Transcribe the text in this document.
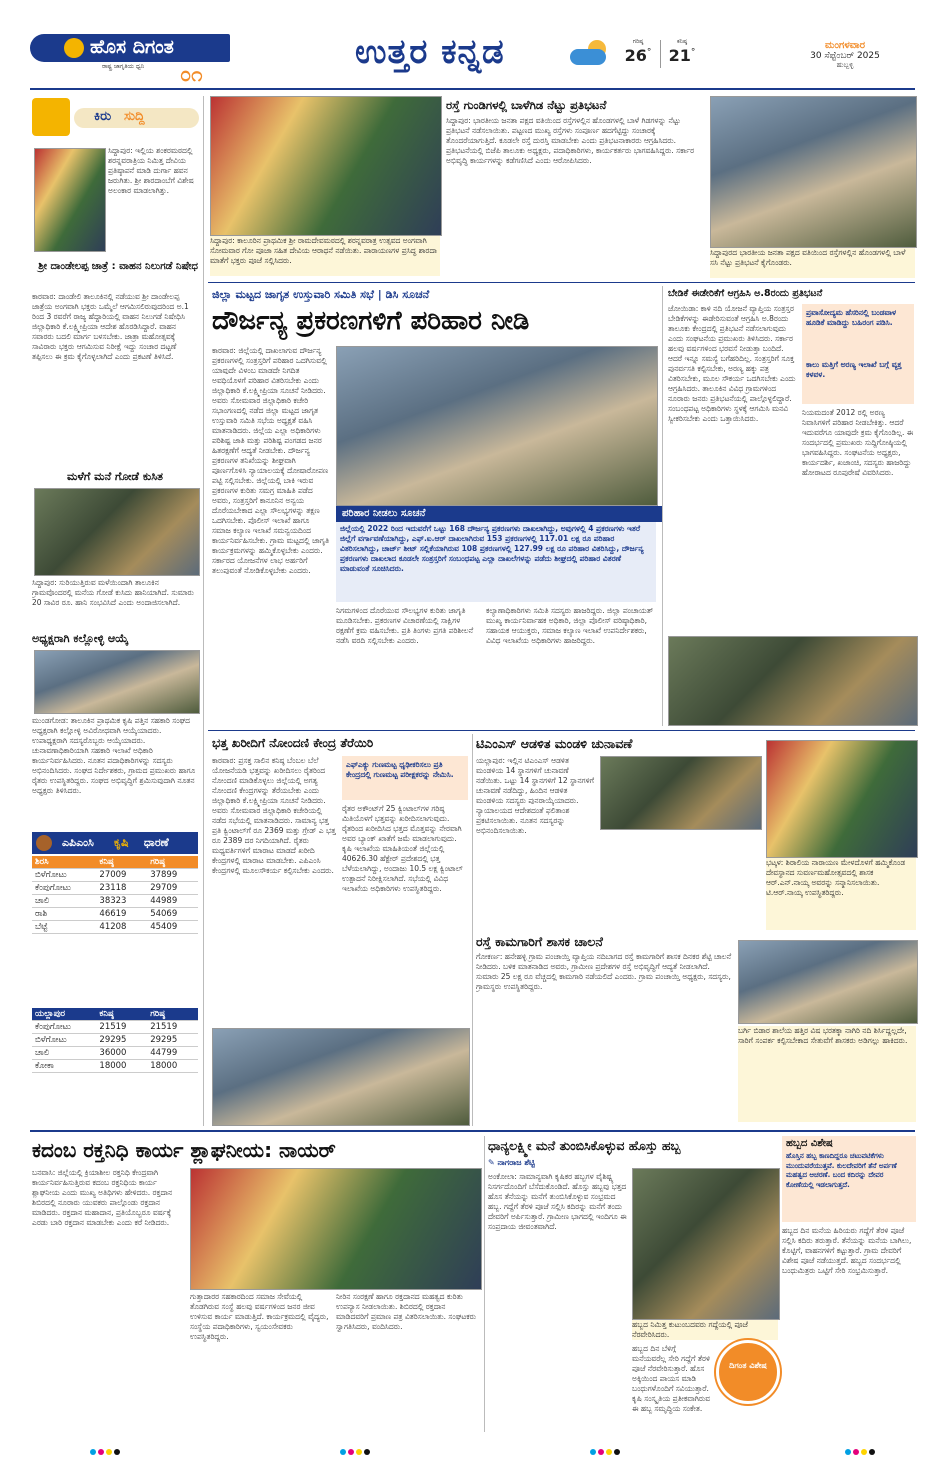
ಹೊಸ ದಿಗಂತ
ರಾಷ್ಟ್ರ ಜಾಗೃತಿಯ ಧ್ವನಿ ೦೧
ಉತ್ತರ ಕನ್ನಡ	ಗರಿಷ್ಠ
26°
ಕನಿಷ್ಠ
21°
ಮಂಗಳವಾರ
30 ಸೆಪ್ಟೆಂಬರ್ 2025
ಹುಬ್ಬಳ್ಳಿ
ಕಿರು ಸುದ್ದಿ
ಸಿದ್ದಾಪುರ: ಇಲ್ಲಿಯ ಶಂಕರಮಠದಲ್ಲಿ ಶರನ್ನವರಾತ್ರಿಯ ನಿಮಿತ್ತ ದೇವಿಯ ಪ್ರತಿಷ್ಠಾಪನೆ ಮಾಡಿ ದುರ್ಗಾ ಹವನ ಜರುಗಿತು. ಶ್ರೀ ಶಾರದಾಂಬೆಗೆ ವಿಶೇಷ ಅಲಂಕಾರ ಮಾಡಲಾಗಿತ್ತು.
ಶ್ರೀ ದಾಂಡೇಲಪ್ಪ ಜಾತ್ರೆ : ವಾಹನ ನಿಲುಗಡೆ ನಿಷೇಧ
ಕಾರವಾರ: ದಾಂಡೇಲಿ ತಾಲೂಕಿನಲ್ಲಿ ನಡೆಯುವ ಶ್ರೀ ದಾಂಡೇಲಪ್ಪ ಜಾತ್ರೆಯ ಅಂಗವಾಗಿ ಭಕ್ತರು ಒಮ್ಮೆಲೆ ಆಗಮಿಸಲಿರುವುದರಿಂದ ಅ.1 ರಿಂದ 3 ರವರೆಗೆ ರಾಜ್ಯ ಹೆದ್ದಾರಿಯಲ್ಲಿ ವಾಹನ ನಿಲುಗಡೆ ನಿಷೇಧಿಸಿ ಜಿಲ್ಲಾಧಿಕಾರಿ ಕೆ.ಲಕ್ಷ್ಮೀಪ್ರಿಯಾ ಆದೇಶ ಹೊರಡಿಸಿದ್ದಾರೆ. ವಾಹನ ಸವಾರರು ಬದಲಿ ಮಾರ್ಗ ಬಳಸಬೇಕು. ಜಾತ್ರಾ ಮಹೋತ್ಸವಕ್ಕೆ ಸಾವಿರಾರು ಭಕ್ತರು ಆಗಮಿಸುವ ನಿರೀಕ್ಷೆ ಇದ್ದು ಸಂಚಾರ ದಟ್ಟಣೆ ತಪ್ಪಿಸಲು ಈ ಕ್ರಮ ಕೈಗೊಳ್ಳಲಾಗಿದೆ ಎಂದು ಪ್ರಕಟಣೆ ತಿಳಿಸಿದೆ.
ಮಳೆಗೆ ಮನೆ ಗೋಡೆ ಕುಸಿತ
ಸಿದ್ದಾಪುರ: ಸುರಿಯುತ್ತಿರುವ ಮಳೆಯಿಂದಾಗಿ ತಾಲೂಕಿನ ಗ್ರಾಮವೊಂದರಲ್ಲಿ ಮನೆಯ ಗೋಡೆ ಕುಸಿದು ಹಾನಿಯಾಗಿದೆ. ಸುಮಾರು 20 ಸಾವಿರ ರೂ. ಹಾನಿ ಸಂಭವಿಸಿದೆ ಎಂದು ಅಂದಾಜಿಸಲಾಗಿದೆ.
ಅಧ್ಯಕ್ಷರಾಗಿ ಕಲ್ಲೋಳ್ಳಿ ಆಯ್ಕೆ
ಮುಂಡಗೋಡ: ತಾಲೂಕಿನ ಪ್ರಾಥಮಿಕ ಕೃಷಿ ಪತ್ತಿನ ಸಹಕಾರಿ ಸಂಘದ ಅಧ್ಯಕ್ಷರಾಗಿ ಕಲ್ಲೋಳ್ಳಿ ಅವಿರೋಧವಾಗಿ ಆಯ್ಕೆಯಾದರು. ಉಪಾಧ್ಯಕ್ಷರಾಗಿ ಸದಸ್ಯರೊಬ್ಬರು ಆಯ್ಕೆಯಾದರು. ಚುನಾವಣಾಧಿಕಾರಿಯಾಗಿ ಸಹಕಾರಿ ಇಲಾಖೆ ಅಧಿಕಾರಿ ಕಾರ್ಯನಿರ್ವಹಿಸಿದರು. ನೂತನ ಪದಾಧಿಕಾರಿಗಳನ್ನು ಸದಸ್ಯರು ಅಭಿನಂದಿಸಿದರು. ಸಂಘದ ನಿರ್ದೇಶಕರು, ಗ್ರಾಮದ ಪ್ರಮುಖರು ಹಾಗೂ ರೈತರು ಉಪಸ್ಥಿತರಿದ್ದರು. ಸಂಘದ ಅಭಿವೃದ್ಧಿಗೆ ಶ್ರಮಿಸುವುದಾಗಿ ನೂತನ ಅಧ್ಯಕ್ಷರು ತಿಳಿಸಿದರು.
ಎಪಿಎಂಸಿ ಕೃಷಿ ಧಾರಣೆ
ಶಿರಸಿ	ಕನಿಷ್ಠ	ಗರಿಷ್ಠ
ಬಿಳೆಗೋಟು	27009	37899
ಕೆಂಪುಗೋಟು	23118	29709
ಚಾಲಿ	38323	44989
ರಾಶಿ	46619	54069
ಬೆಟ್ಟೆ	41208	45409
ಯಲ್ಲಾಪುರ	ಕನಿಷ್ಠ	ಗರಿಷ್ಠ
ಕೆಂಪುಗೋಟು	21519	21519
ಬಿಳೆಗೋಟು	29295	29295
ಚಾಲಿ	36000	44799
ಕೋಕಾ	18000	18000
ಸಿದ್ದಾಪುರ: ಕಾಲೂರಿನ ಪ್ರಾಥಮಿಕ ಶ್ರೀ ರಾಮದೇವಮಠದಲ್ಲಿ ಶರನ್ನವರಾತ್ರ ಉತ್ಸವದ ಅಂಗವಾಗಿ ಸೋಮವಾರ ಗೋ ಪೂಜಾ ಸಹಿತ ದೇವಿಯ ಆರಾಧನೆ ನಡೆಯಿತು. ಪಾರಾಯಣಗಳ ಪ್ರಸಿದ್ಧ ಶಾರದಾ ಮಾತೆಗೆ ಭಕ್ತರು ಪೂಜೆ ಸಲ್ಲಿಸಿದರು.
ರಸ್ತೆ ಗುಂಡಿಗಳಲ್ಲಿ ಬಾಳೆಗಿಡ ನೆಟ್ಟು ಪ್ರತಿಭಟನೆ
ಸಿದ್ದಾಪುರ: ಭಾರತೀಯ ಜನತಾ ಪಕ್ಷದ ವತಿಯಿಂದ ರಸ್ತೆಗಳಲ್ಲಿನ ಹೊಂಡಗಳಲ್ಲಿ ಬಾಳೆ ಗಿಡಗಳನ್ನು ನೆಟ್ಟು ಪ್ರತಿಭಟನೆ ನಡೆಸಲಾಯಿತು. ಪಟ್ಟಣದ ಮುಖ್ಯ ರಸ್ತೆಗಳು ಸಂಪೂರ್ಣ ಹದಗೆಟ್ಟಿದ್ದು ಸಂಚಾರಕ್ಕೆ ತೊಂದರೆಯಾಗುತ್ತಿದೆ. ಕೂಡಲೇ ರಸ್ತೆ ದುರಸ್ತಿ ಮಾಡಬೇಕು ಎಂದು ಪ್ರತಿಭಟನಾಕಾರರು ಆಗ್ರಹಿಸಿದರು. ಪ್ರತಿಭಟನೆಯಲ್ಲಿ ಬಿಜೆಪಿ ತಾಲೂಕು ಅಧ್ಯಕ್ಷರು, ಪದಾಧಿಕಾರಿಗಳು, ಕಾರ್ಯಕರ್ತರು ಭಾಗವಹಿಸಿದ್ದರು. ಸರ್ಕಾರ ಅಭಿವೃದ್ಧಿ ಕಾರ್ಯಗಳನ್ನು ಕಡೆಗಣಿಸಿದೆ ಎಂದು ಆರೋಪಿಸಿದರು.
ಸಿದ್ದಾಪುರದ ಭಾರತೀಯ ಜನತಾ ಪಕ್ಷದ ವತಿಯಿಂದ ರಸ್ತೆಗಳಲ್ಲಿನ ಹೊಂಡಗಳಲ್ಲಿ ಬಾಳೆ ಸಸಿ ನೆಟ್ಟು ಪ್ರತಿಭಟನೆ ಕೈಗೊಂಡರು.
ಜಿಲ್ಲಾ ಮಟ್ಟದ ಜಾಗೃತ ಉಸ್ತುವಾರಿ ಸಮಿತಿ ಸಭೆ | ಡಿಸಿ ಸೂಚನೆ
ದೌರ್ಜನ್ಯ ಪ್ರಕರಣಗಳಿಗೆ ಪರಿಹಾರ ನೀಡಿ
ಕಾರವಾರ: ಜಿಲ್ಲೆಯಲ್ಲಿ ದಾಖಲಾಗುವ ದೌರ್ಜನ್ಯ ಪ್ರಕರಣಗಳಲ್ಲಿ ಸಂತ್ರಸ್ತರಿಗೆ ಪರಿಹಾರ ಒದಗಿಸುವಲ್ಲಿ ಯಾವುದೇ ವಿಳಂಬ ಮಾಡದೇ ನಿಗದಿತ ಅವಧಿಯೊಳಗೆ ಪರಿಹಾರ ವಿತರಿಸಬೇಕು ಎಂದು ಜಿಲ್ಲಾಧಿಕಾರಿ ಕೆ.ಲಕ್ಷ್ಮೀಪ್ರಿಯಾ ಸೂಚನೆ ನೀಡಿದರು. ಅವರು ಸೋಮವಾರ ಜಿಲ್ಲಾಧಿಕಾರಿ ಕಚೇರಿ ಸಭಾಂಗಣದಲ್ಲಿ ನಡೆದ ಜಿಲ್ಲಾ ಮಟ್ಟದ ಜಾಗೃತ ಉಸ್ತುವಾರಿ ಸಮಿತಿ ಸಭೆಯ ಅಧ್ಯಕ್ಷತೆ ವಹಿಸಿ ಮಾತನಾಡಿದರು. ಜಿಲ್ಲೆಯ ಎಲ್ಲಾ ಅಧಿಕಾರಿಗಳು ಪರಿಶಿಷ್ಟ ಜಾತಿ ಮತ್ತು ಪರಿಶಿಷ್ಟ ಪಂಗಡದ ಜನರ ಹಿತರಕ್ಷಣೆಗೆ ಆದ್ಯತೆ ನೀಡಬೇಕು. ದೌರ್ಜನ್ಯ ಪ್ರಕರಣಗಳ ತನಿಖೆಯನ್ನು ಶೀಘ್ರವಾಗಿ ಪೂರ್ಣಗೊಳಿಸಿ ನ್ಯಾಯಾಲಯಕ್ಕೆ ದೋಷಾರೋಪಣ ಪಟ್ಟಿ ಸಲ್ಲಿಸಬೇಕು. ಜಿಲ್ಲೆಯಲ್ಲಿ ಬಾಕಿ ಇರುವ ಪ್ರಕರಣಗಳ ಕುರಿತು ಸಮಗ್ರ ಮಾಹಿತಿ ಪಡೆದ ಅವರು, ಸಂತ್ರಸ್ತರಿಗೆ ಕಾನೂನಿನ ಅನ್ವಯ ದೊರೆಯಬೇಕಾದ ಎಲ್ಲಾ ಸೌಲಭ್ಯಗಳನ್ನು ತಕ್ಷಣ ಒದಗಿಸಬೇಕು. ಪೊಲೀಸ್ ಇಲಾಖೆ ಹಾಗೂ ಸಮಾಜ ಕಲ್ಯಾಣ ಇಲಾಖೆ ಸಮನ್ವಯದಿಂದ ಕಾರ್ಯನಿರ್ವಹಿಸಬೇಕು. ಗ್ರಾಮ ಮಟ್ಟದಲ್ಲಿ ಜಾಗೃತಿ ಕಾರ್ಯಕ್ರಮಗಳನ್ನು ಹಮ್ಮಿಕೊಳ್ಳಬೇಕು ಎಂದರು. ಸರ್ಕಾರದ ಯೋಜನೆಗಳ ಲಾಭ ಅರ್ಹರಿಗೆ ತಲುಪುವಂತೆ ನೋಡಿಕೊಳ್ಳಬೇಕು ಎಂದರು.
ಪರಿಹಾರ ನೀಡಲು ಸೂಚನೆ
ಜಿಲ್ಲೆಯಲ್ಲಿ 2022 ರಿಂದ ಇದುವರೆಗೆ ಒಟ್ಟು 168 ದೌರ್ಜನ್ಯ ಪ್ರಕರಣಗಳು ದಾಖಲಾಗಿದ್ದು, ಅವುಗಳಲ್ಲಿ 4 ಪ್ರಕರಣಗಳು ಇತರೆ ಜಿಲ್ಲೆಗೆ ವರ್ಗಾವಣೆಯಾಗಿದ್ದು, ಎಫ್.ಐ.ಆರ್ ದಾಖಲಾಗಿರುವ 153 ಪ್ರಕರಣಗಳಲ್ಲಿ 117.01 ಲಕ್ಷ ರೂ ಪರಿಹಾರ ವಿತರಿಸಲಾಗಿದ್ದು, ಚಾರ್ಜ್ ಶೀಟ್ ಸಲ್ಲಿಕೆಯಾಗಿರುವ 108 ಪ್ರಕರಣಗಳಲ್ಲಿ 127.99 ಲಕ್ಷ ರೂ ಪರಿಹಾರ ವಿತರಿಸಿದ್ದು, ದೌರ್ಜನ್ಯ ಪ್ರಕರಣಗಳು ದಾಖಲಾದ ಕೂಡಲೇ ಸಂತ್ರಸ್ತರಿಗೆ ಸಂಬಂಧಪಟ್ಟ ಎಲ್ಲಾ ದಾಖಲೆಗಳನ್ನು ಪಡೆದು ಶೀಘ್ರದಲ್ಲಿ ಪರಿಹಾರ ವಿತರಣೆ ಮಾಡುವಂತೆ ಸೂಚಿಸಿದರು.
ನಿಗಮಗಳಿಂದ ದೊರೆಯುವ ಸೌಲಭ್ಯಗಳ ಕುರಿತು ಜಾಗೃತಿ ಮೂಡಿಸಬೇಕು. ಪ್ರಕರಣಗಳ ವಿಚಾರಣೆಯಲ್ಲಿ ಸಾಕ್ಷಿಗಳ ರಕ್ಷಣೆಗೆ ಕ್ರಮ ವಹಿಸಬೇಕು. ಪ್ರತಿ ತಿಂಗಳು ಪ್ರಗತಿ ಪರಿಶೀಲನೆ ನಡೆಸಿ ವರದಿ ಸಲ್ಲಿಸಬೇಕು ಎಂದರು.
ಕಲ್ಯಾಣಾಧಿಕಾರಿಗಳು ಸಮಿತಿ ಸದಸ್ಯರು ಹಾಜರಿದ್ದರು. ಜಿಲ್ಲಾ ಪಂಚಾಯತ್ ಮುಖ್ಯ ಕಾರ್ಯನಿರ್ವಾಹಕ ಅಧಿಕಾರಿ, ಜಿಲ್ಲಾ ಪೊಲೀಸ್ ವರಿಷ್ಠಾಧಿಕಾರಿ, ಸಹಾಯಕ ಆಯುಕ್ತರು, ಸಮಾಜ ಕಲ್ಯಾಣ ಇಲಾಖೆ ಉಪನಿರ್ದೇಶಕರು, ವಿವಿಧ ಇಲಾಖೆಯ ಅಧಿಕಾರಿಗಳು ಹಾಜರಿದ್ದರು.
ಬೇಡಿಕೆ ಈಡೇರಿಕೆಗೆ ಆಗ್ರಹಿಸಿ ಅ.8ರಂದು ಪ್ರತಿಭಟನೆ
ಜೋಯಿಡಾ: ಕಾಳಿ ನದಿ ಯೋಜನೆ ವ್ಯಾಪ್ತಿಯ ಸಂತ್ರಸ್ತರ ಬೇಡಿಕೆಗಳನ್ನು ಈಡೇರಿಸುವಂತೆ ಆಗ್ರಹಿಸಿ ಅ.8ರಂದು ತಾಲೂಕು ಕೇಂದ್ರದಲ್ಲಿ ಪ್ರತಿಭಟನೆ ನಡೆಸಲಾಗುವುದು ಎಂದು ಸಂಘಟನೆಯ ಪ್ರಮುಖರು ತಿಳಿಸಿದರು. ಸರ್ಕಾರ ಹಲವು ವರ್ಷಗಳಿಂದ ಭರವಸೆ ನೀಡುತ್ತಾ ಬಂದಿದೆ. ಆದರೆ ಇನ್ನೂ ಸಮಸ್ಯೆ ಬಗೆಹರಿದಿಲ್ಲ. ಸಂತ್ರಸ್ತರಿಗೆ ಸೂಕ್ತ ಪುನರ್ವಸತಿ ಕಲ್ಪಿಸಬೇಕು, ಅರಣ್ಯ ಹಕ್ಕು ಪತ್ರ ವಿತರಿಸಬೇಕು, ಮೂಲ ಸೌಕರ್ಯ ಒದಗಿಸಬೇಕು ಎಂದು ಆಗ್ರಹಿಸಿದರು. ತಾಲೂಕಿನ ವಿವಿಧ ಗ್ರಾಮಗಳಿಂದ ನೂರಾರು ಜನರು ಪ್ರತಿಭಟನೆಯಲ್ಲಿ ಪಾಲ್ಗೊಳ್ಳಲಿದ್ದಾರೆ. ಸಂಬಂಧಪಟ್ಟ ಅಧಿಕಾರಿಗಳು ಸ್ಥಳಕ್ಕೆ ಆಗಮಿಸಿ ಮನವಿ ಸ್ವೀಕರಿಸಬೇಕು ಎಂದು ಒತ್ತಾಯಿಸಿದರು.
ಪ್ರವಾಸೋದ್ಯಮ ಹೆಸರಿನಲ್ಲಿ ಬಂಡವಾಳ ಹೂಡಿಕೆ ಮಾಡಿದ್ದು ಬಹಿರಂಗ ಪಡಿಸಿ.
ಕಾಲು ಮತ್ತಿಗೆ ಅರಣ್ಯ ಇಲಾಖೆ ಬಗ್ಗೆ ವ್ಯಕ್ತ ಕಳವಳ.
ನಿಯಮದಂತೆ 2012 ರಲ್ಲಿ ಅರಣ್ಯ ನಿವಾಸಿಗಳಿಗೆ ಪರಿಹಾರ ನೀಡಬೇಕಿತ್ತು. ಆದರೆ ಇದುವರೆಗೂ ಯಾವುದೇ ಕ್ರಮ ಕೈಗೊಂಡಿಲ್ಲ. ಈ ಸಂದರ್ಭದಲ್ಲಿ ಪ್ರಮುಖರು ಸುದ್ದಿಗೋಷ್ಠಿಯಲ್ಲಿ ಭಾಗವಹಿಸಿದ್ದರು. ಸಂಘಟನೆಯ ಅಧ್ಯಕ್ಷರು, ಕಾರ್ಯದರ್ಶಿ, ಖಜಾಂಚಿ, ಸದಸ್ಯರು ಹಾಜರಿದ್ದು ಹೋರಾಟದ ರೂಪುರೇಷೆ ವಿವರಿಸಿದರು.
ಭತ್ತ ಖರೀದಿಗೆ ನೋಂದಣಿ ಕೇಂದ್ರ ತೆರೆಯಿರಿ
ಕಾರವಾರ: ಪ್ರಸಕ್ತ ಸಾಲಿನ ಕನಿಷ್ಠ ಬೆಂಬಲ ಬೆಲೆ ಯೋಜನೆಯಡಿ ಭತ್ತವನ್ನು ಖರೀದಿಸಲು ರೈತರಿಂದ ನೋಂದಣಿ ಮಾಡಿಕೊಳ್ಳಲು ಜಿಲ್ಲೆಯಲ್ಲಿ ಅಗತ್ಯ ನೋಂದಣಿ ಕೇಂದ್ರಗಳನ್ನು ತೆರೆಯಬೇಕು ಎಂದು ಜಿಲ್ಲಾಧಿಕಾರಿ ಕೆ.ಲಕ್ಷ್ಮೀಪ್ರಿಯಾ ಸೂಚನೆ ನೀಡಿದರು. ಅವರು ಸೋಮವಾರ ಜಿಲ್ಲಾಧಿಕಾರಿ ಕಚೇರಿಯಲ್ಲಿ ನಡೆದ ಸಭೆಯಲ್ಲಿ ಮಾತನಾಡಿದರು. ಸಾಮಾನ್ಯ ಭತ್ತ ಪ್ರತಿ ಕ್ವಿಂಟಾಲ್‌ಗೆ ರೂ 2369 ಮತ್ತು ಗ್ರೇಡ್ ಎ ಭತ್ತ ರೂ 2389 ದರ ನಿಗದಿಯಾಗಿದೆ. ರೈತರು ಮಧ್ಯವರ್ತಿಗಳಿಗೆ ಮಾರಾಟ ಮಾಡದೆ ಖರೀದಿ ಕೇಂದ್ರಗಳಲ್ಲಿ ಮಾರಾಟ ಮಾಡಬೇಕು. ಎಪಿಎಂಸಿ ಕೇಂದ್ರಗಳಲ್ಲಿ ಮೂಲಸೌಕರ್ಯ ಕಲ್ಪಿಸಬೇಕು ಎಂದರು.
ಎಫ್‌ಎಕ್ಯು ಗುಣಮಟ್ಟ ಧೃಢೀಕರಿಸಲು ಪ್ರತಿ ಕೇಂದ್ರದಲ್ಲಿ ಗುಣಮಟ್ಟ ಪರೀಕ್ಷಕರನ್ನು ನೇಮಿಸಿ.
ರೈತರ ಅಕೌಂಟ್‌ಗೆ 25 ಕ್ವಿಂಟಾಲ್‌ಗಳ ಗರಿಷ್ಠ ಮಿತಿಯೊಳಗೆ ಭತ್ತವನ್ನು ಖರೀದಿಸಲಾಗುವುದು. ರೈತರಿಂದ ಖರೀದಿಸಿದ ಭತ್ತದ ಮೊತ್ತವನ್ನು ನೇರವಾಗಿ ಅವರ ಬ್ಯಾಂಕ್ ಖಾತೆಗೆ ಜಮೆ ಮಾಡಲಾಗುವುದು. ಕೃಷಿ ಇಲಾಖೆಯ ಮಾಹಿತಿಯಂತೆ ಜಿಲ್ಲೆಯಲ್ಲಿ 40626.30 ಹೆಕ್ಟೇರ್ ಪ್ರದೇಶದಲ್ಲಿ ಭತ್ತ ಬೆಳೆಯಲಾಗಿದ್ದು, ಅಂದಾಜು 10.5 ಲಕ್ಷ ಕ್ವಿಂಟಾಲ್ ಉತ್ಪಾದನೆ ನಿರೀಕ್ಷಿಸಲಾಗಿದೆ. ಸಭೆಯಲ್ಲಿ ವಿವಿಧ ಇಲಾಖೆಯ ಅಧಿಕಾರಿಗಳು ಉಪಸ್ಥಿತರಿದ್ದರು.
ಟಿಎಂಎಸ್ ಆಡಳಿತ ಮಂಡಳಿ ಚುನಾವಣೆ
ಯಲ್ಲಾಪುರ: ಇಲ್ಲಿನ ಟಿಎಂಎಸ್ ಆಡಳಿತ ಮಂಡಳಿಯ 14 ಸ್ಥಾನಗಳಿಗೆ ಚುನಾವಣೆ ನಡೆಯಿತು. ಒಟ್ಟು 14 ಸ್ಥಾನಗಳಿಗೆ 12 ಸ್ಥಾನಗಳಿಗೆ ಚುನಾವಣೆ ನಡೆದಿದ್ದು, ಹಿಂದಿನ ಆಡಳಿತ ಮಂಡಳಿಯ ಸದಸ್ಯರು ಪುನರಾಯ್ಕೆಯಾದರು. ನ್ಯಾಯಾಲಯದ ಆದೇಶದಂತೆ ಫಲಿತಾಂಶ ಪ್ರಕಟಿಸಲಾಯಿತು. ನೂತನ ಸದಸ್ಯರನ್ನು ಅಭಿನಂದಿಸಲಾಯಿತು.
ಭಟ್ಕಳ: ಶಿರಾಲಿಯ ನಾರಾಯಣ ಮೇಳದೊಳಗೆ ಹಮ್ಮಿಕೊಂಡ ದೇವಸ್ಥಾನದ ಸುವರ್ಣಮಹೋತ್ಸವದಲ್ಲಿ ಶಾಸಕ ಆರ್.ಎನ್.ನಾಯ್ಕ ಅವರನ್ನು ಸನ್ಮಾನಿಸಲಾಯಿತು. ಟಿ.ಆರ್.ನಾಯ್ಕ ಉಪಸ್ಥಿತರಿದ್ದರು.
ರಸ್ತೆ ಕಾಮಗಾರಿಗೆ ಶಾಸಕ ಚಾಲನೆ
ಗೋಕರ್ಣ: ಹನೇಹಳ್ಳಿ ಗ್ರಾಮ ಪಂಚಾಯ್ತಿ ವ್ಯಾಪ್ತಿಯ ನದಿಬಾಗದ ರಸ್ತೆ ಕಾಮಗಾರಿಗೆ ಶಾಸಕ ದಿನಕರ ಶೆಟ್ಟಿ ಚಾಲನೆ ನೀಡಿದರು. ಬಳಿಕ ಮಾತನಾಡಿದ ಅವರು, ಗ್ರಾಮೀಣ ಪ್ರದೇಶಗಳ ರಸ್ತೆ ಅಭಿವೃದ್ಧಿಗೆ ಆದ್ಯತೆ ನೀಡಲಾಗಿದೆ. ಸುಮಾರು 25 ಲಕ್ಷ ರೂ ವೆಚ್ಚದಲ್ಲಿ ಕಾಮಗಾರಿ ನಡೆಯಲಿದೆ ಎಂದರು. ಗ್ರಾಮ ಪಂಚಾಯ್ತಿ ಅಧ್ಯಕ್ಷರು, ಸದಸ್ಯರು, ಗ್ರಾಮಸ್ಥರು ಉಪಸ್ಥಿತರಿದ್ದರು.
ಬರ್ಗಿ ಬಿಡಾರ ಶಾಲೆಯ ಹತ್ತಿರ ವಿಷ ಭರತಕ್ಕಾ ನಾಗಿರಿ ನದಿ ಶಿರ್ಸಿದ್ದಲ್ಲದೇ, ಸಾರಿಗೆ ಸಂಪರ್ಕ ಕಲ್ಪಿಸಬೇಕಾದ ಸೇತುವೆಗೆ ಶಾಸಕರು ಅಡಿಗಲ್ಲು ಹಾಕಿದರು.
ಕದಂಬ ರಕ್ತನಿಧಿ ಕಾರ್ಯ ಶ್ಲಾಘನೀಯ: ನಾಯರ್
ಬನವಾಸಿ: ಜಿಲ್ಲೆಯಲ್ಲಿ ಕ್ರಿಯಾಶೀಲ ರಕ್ತನಿಧಿ ಕೇಂದ್ರವಾಗಿ ಕಾರ್ಯನಿರ್ವಹಿಸುತ್ತಿರುವ ಕದಂಬ ರಕ್ತನಿಧಿಯ ಕಾರ್ಯ ಶ್ಲಾಘನೀಯ ಎಂದು ಮುಖ್ಯ ಅತಿಥಿಗಳು ಹೇಳಿದರು. ರಕ್ತದಾನ ಶಿಬಿರದಲ್ಲಿ ನೂರಾರು ಯುವಕರು ಪಾಲ್ಗೊಂಡು ರಕ್ತದಾನ ಮಾಡಿದರು. ರಕ್ತದಾನ ಮಹಾದಾನ, ಪ್ರತಿಯೊಬ್ಬರೂ ವರ್ಷಕ್ಕೆ ಎರಡು ಬಾರಿ ರಕ್ತದಾನ ಮಾಡಬೇಕು ಎಂದು ಕರೆ ನೀಡಿದರು.
ಗುತ್ತಾದಾರರ ಸಹಕಾರದಿಂದ ಸಮಾಜ ಸೇವೆಯಲ್ಲಿ ತೊಡಗಿರುವ ಸಂಸ್ಥೆ ಹಲವು ವರ್ಷಗಳಿಂದ ಜನರ ಜೀವ ಉಳಿಸುವ ಕಾರ್ಯ ಮಾಡುತ್ತಿದೆ. ಕಾರ್ಯಕ್ರಮದಲ್ಲಿ ವೈದ್ಯರು, ಸಂಸ್ಥೆಯ ಪದಾಧಿಕಾರಿಗಳು, ಸ್ವಯಂಸೇವಕರು ಉಪಸ್ಥಿತರಿದ್ದರು.
ನೀರಿನ ಸಂರಕ್ಷಣೆ ಹಾಗೂ ರಕ್ತದಾನದ ಮಹತ್ವದ ಕುರಿತು ಉಪನ್ಯಾಸ ನೀಡಲಾಯಿತು. ಶಿಬಿರದಲ್ಲಿ ರಕ್ತದಾನ ಮಾಡಿದವರಿಗೆ ಪ್ರಮಾಣ ಪತ್ರ ವಿತರಿಸಲಾಯಿತು. ಸಂಘಟಕರು ಸ್ವಾಗತಿಸಿದರು, ವಂದಿಸಿದರು.
ಧಾನ್ಯಲಕ್ಷ್ಮೀ ಮನೆ ತುಂಬಿಸಿಕೊಳ್ಳುವ ಹೊಸ್ತು ಹಬ್ಬ
✎ ನಾಗರಾಜ ಶೆಟ್ಟಿ
ಅಂಕೋಲಾ: ಸಾಮಾನ್ಯವಾಗಿ ಕೃಷಿಕರ ಹಬ್ಬಗಳ ವೈಶಿಷ್ಟ್ಯ ನಿಸರ್ಗದೊಂದಿಗೆ ಬೆಸೆದುಕೊಂಡಿದೆ. ಹೊಸ್ತು ಹಬ್ಬವು ಭತ್ತದ ಹೊಸ ತೆನೆಯನ್ನು ಮನೆಗೆ ತುಂಬಿಸಿಕೊಳ್ಳುವ ಸಂಭ್ರಮದ ಹಬ್ಬ. ಗದ್ದೆಗೆ ತೆರಳಿ ಪೂಜೆ ಸಲ್ಲಿಸಿ ಕದಿರನ್ನು ಮನೆಗೆ ತಂದು ದೇವರಿಗೆ ಅರ್ಪಿಸುತ್ತಾರೆ. ಗ್ರಾಮೀಣ ಭಾಗದಲ್ಲಿ ಇಂದಿಗೂ ಈ ಸಂಪ್ರದಾಯ ಜೀವಂತವಾಗಿದೆ.
ಹಬ್ಬದ ನಿಮಿತ್ತ ಕುಟುಂಬದವರು ಗದ್ದೆಯಲ್ಲಿ ಪೂಜೆ ನೆರವೇರಿಸಿದರು.
ದಿಗಂತ ವಿಶೇಷ
ಹಬ್ಬದ ದಿನ ಬೆಳಿಗ್ಗೆ ಮನೆಯವರೆಲ್ಲ ಸೇರಿ ಗದ್ದೆಗೆ ತೆರಳಿ ಪೂಜೆ ನೆರವೇರಿಸುತ್ತಾರೆ. ಹೊಸ ಅಕ್ಕಿಯಿಂದ ಪಾಯಸ ಮಾಡಿ ಬಂಧುಗಳೊಂದಿಗೆ ಸವಿಯುತ್ತಾರೆ. ಕೃಷಿ ಸಂಸ್ಕೃತಿಯ ಪ್ರತೀಕವಾಗಿರುವ ಈ ಹಬ್ಬ ಸಮೃದ್ಧಿಯ ಸಂಕೇತ.
ಹಬ್ಬದ ವಿಶೇಷ
ಹೊಸ್ತಿನ ಹಬ್ಬ ಕಾಣದಿದ್ದರೂ ಚಟುವಟಿಕೆಗಳು ಮುಂದುವರೆಯುತ್ತವೆ. ಕುಲದೇವರಿಗೆ ತೆನೆ ಅರ್ಪಣೆ ಮಹತ್ವದ ಆಚರಣೆ. ಬಂದ ಕದಿರನ್ನು ದೇವರ ಕೋಣೆಯಲ್ಲಿ ಇಡಲಾಗುತ್ತದೆ.
ಹಬ್ಬದ ದಿನ ಮನೆಯ ಹಿರಿಯರು ಗದ್ದೆಗೆ ತೆರಳಿ ಪೂಜೆ ಸಲ್ಲಿಸಿ ಕದಿರು ತರುತ್ತಾರೆ. ತೆನೆಯನ್ನು ಮನೆಯ ಬಾಗಿಲು, ಕೊಟ್ಟಿಗೆ, ವಾಹನಗಳಿಗೆ ಕಟ್ಟುತ್ತಾರೆ. ಗ್ರಾಮ ದೇವರಿಗೆ ವಿಶೇಷ ಪೂಜೆ ನಡೆಯುತ್ತದೆ. ಹಬ್ಬದ ಸಂದರ್ಭದಲ್ಲಿ ಬಂಧುಮಿತ್ರರು ಒಟ್ಟಿಗೆ ಸೇರಿ ಸಂಭ್ರಮಿಸುತ್ತಾರೆ.
